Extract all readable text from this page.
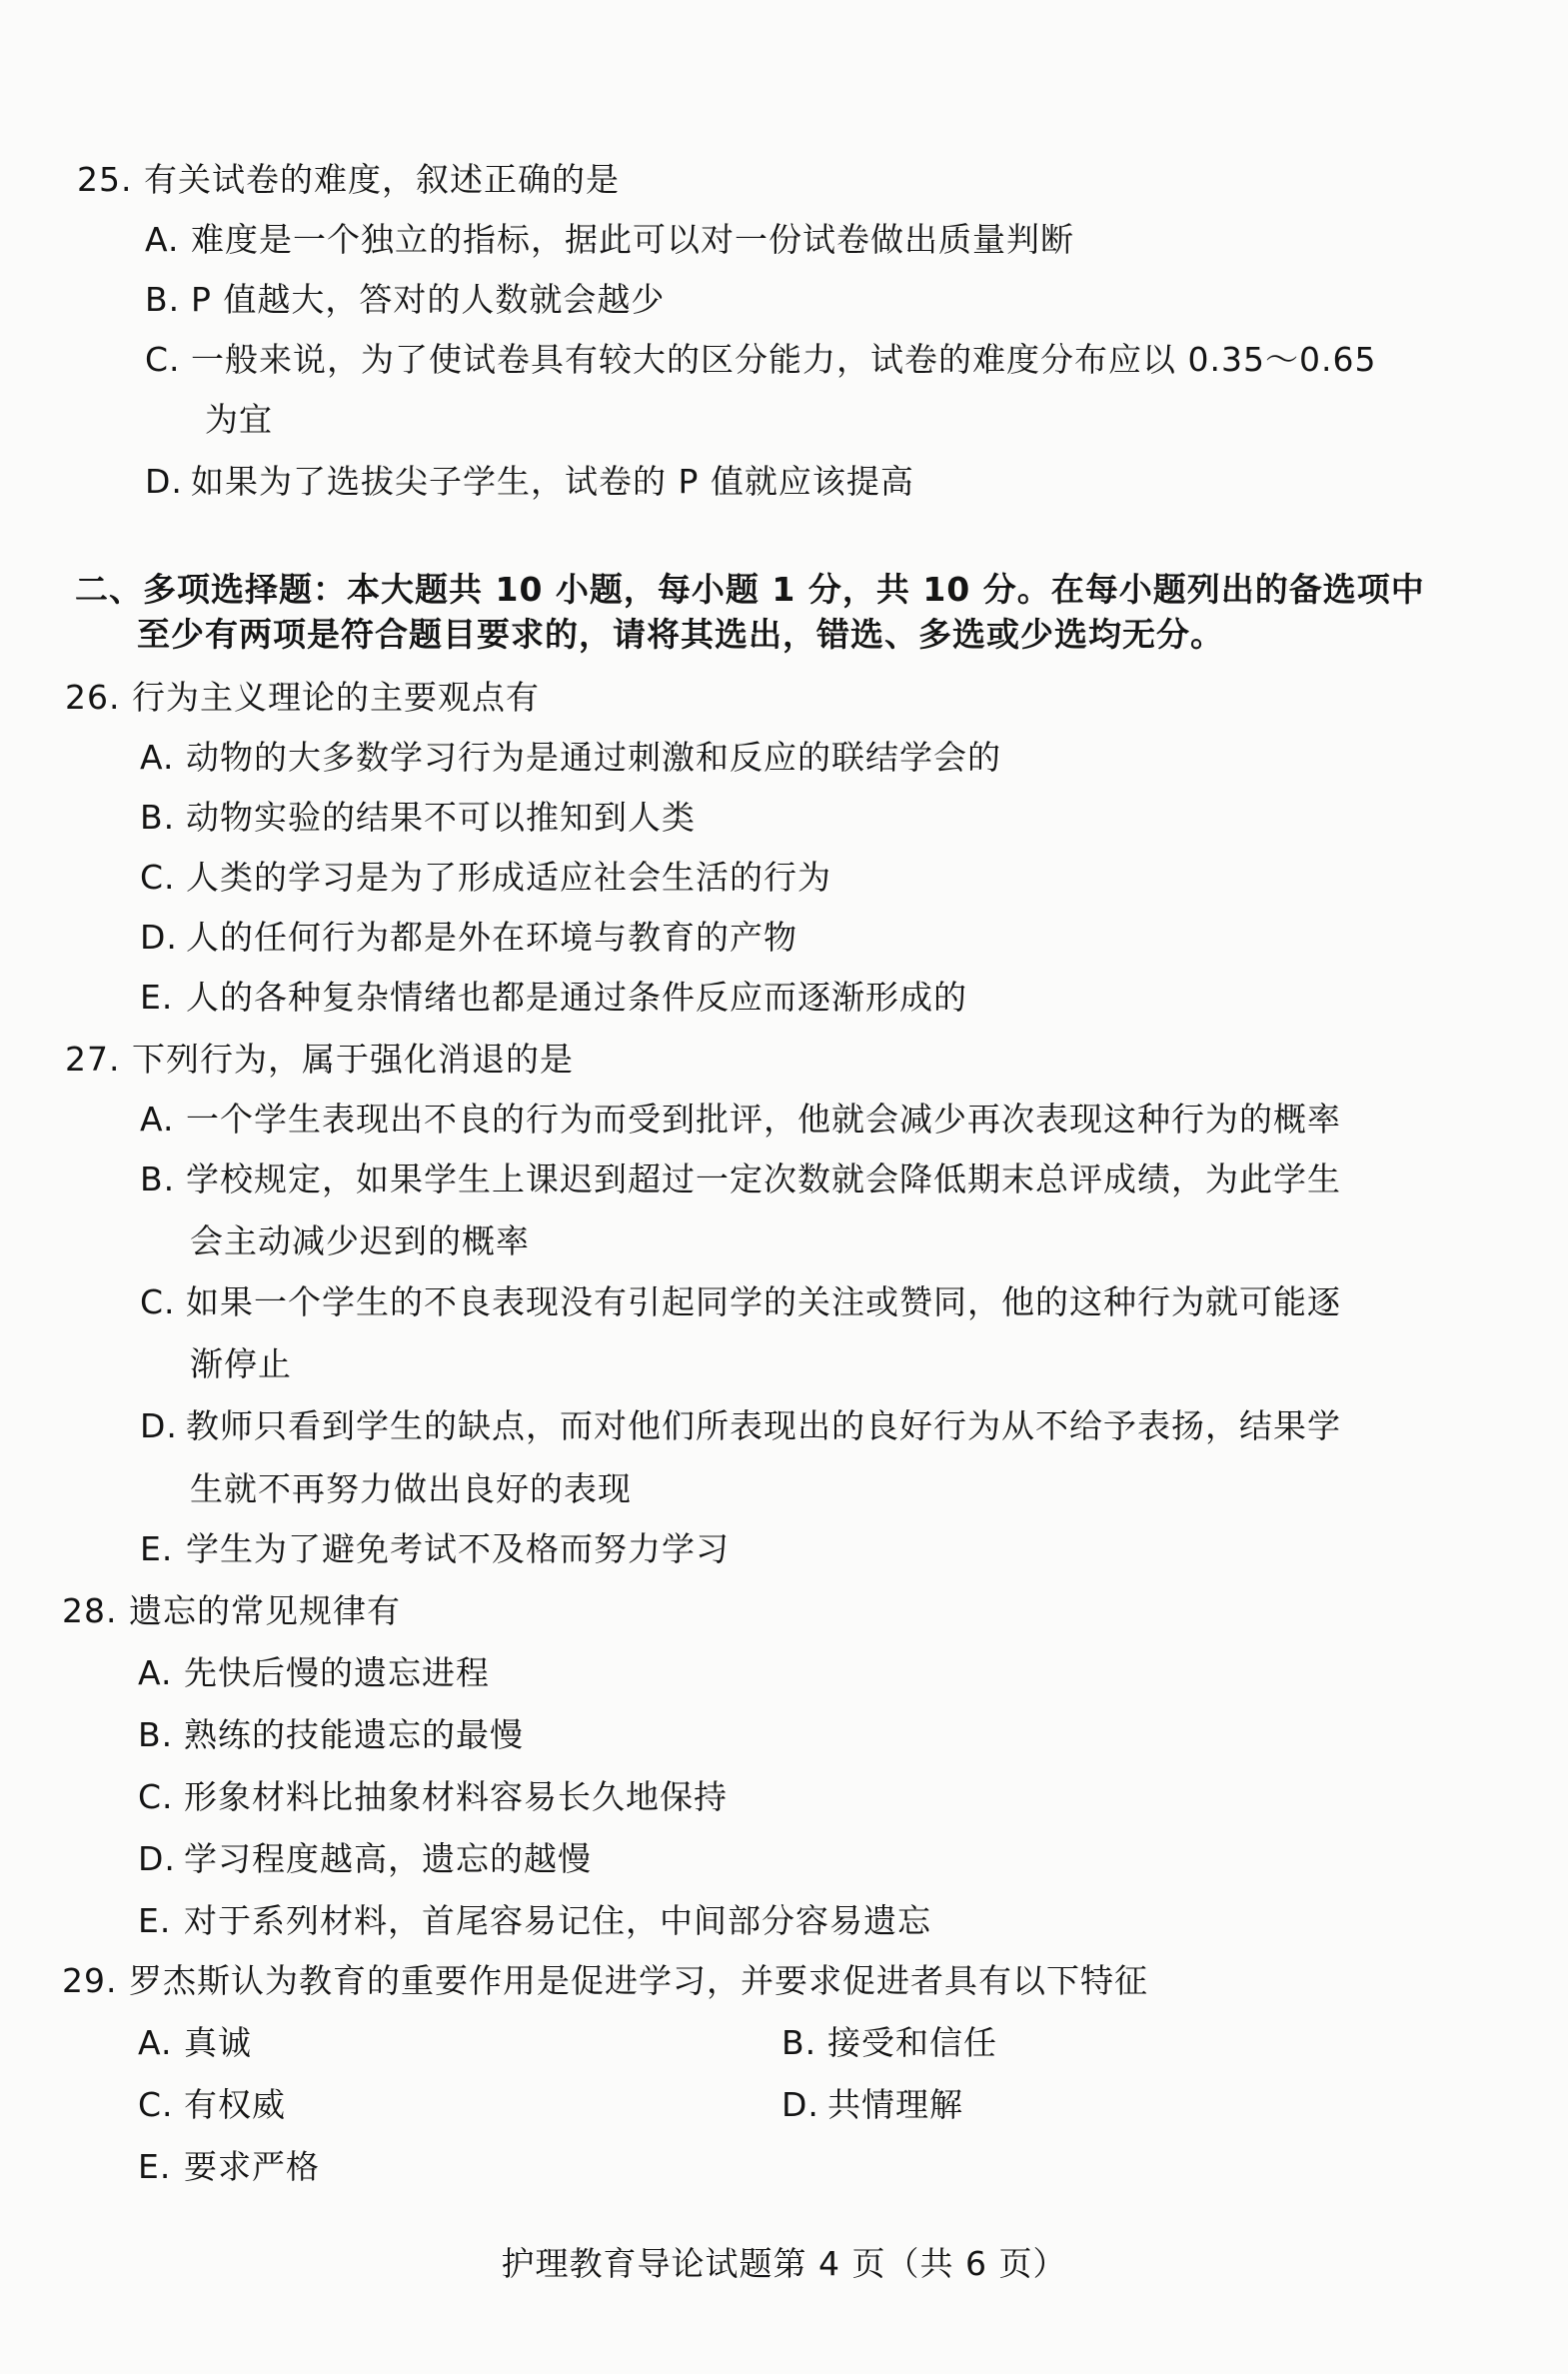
25. 有关试卷的难度，叙述正确的是
A. 难度是一个独立的指标，据此可以对一份试卷做出质量判断
B. P 值越大，答对的人数就会越少
C. 一般来说，为了使试卷具有较大的区分能力，试卷的难度分布应以 0.35～0.65
为宜
D. 如果为了选拔尖子学生，试卷的 P 值就应该提高
二、多项选择题：本大题共 10 小题，每小题 1 分，共 10 分。在每小题列出的备选项中
至少有两项是符合题目要求的，请将其选出，错选、多选或少选均无分。
26. 行为主义理论的主要观点有
A. 动物的大多数学习行为是通过刺激和反应的联结学会的
B. 动物实验的结果不可以推知到人类
C. 人类的学习是为了形成适应社会生活的行为
D. 人的任何行为都是外在环境与教育的产物
E. 人的各种复杂情绪也都是通过条件反应而逐渐形成的
27. 下列行为，属于强化消退的是
A. 一个学生表现出不良的行为而受到批评，他就会减少再次表现这种行为的概率
B. 学校规定，如果学生上课迟到超过一定次数就会降低期末总评成绩，为此学生
会主动减少迟到的概率
C. 如果一个学生的不良表现没有引起同学的关注或赞同，他的这种行为就可能逐
渐停止
D. 教师只看到学生的缺点，而对他们所表现出的良好行为从不给予表扬，结果学
生就不再努力做出良好的表现
E. 学生为了避免考试不及格而努力学习
28. 遗忘的常见规律有
A. 先快后慢的遗忘进程
B. 熟练的技能遗忘的最慢
C. 形象材料比抽象材料容易长久地保持
D. 学习程度越高，遗忘的越慢
E. 对于系列材料，首尾容易记住，中间部分容易遗忘
29. 罗杰斯认为教育的重要作用是促进学习，并要求促进者具有以下特征
A. 真诚	B. 接受和信任
C. 有权威	D. 共情理解
E. 要求严格
护理教育导论试题第 4 页（共 6 页）
